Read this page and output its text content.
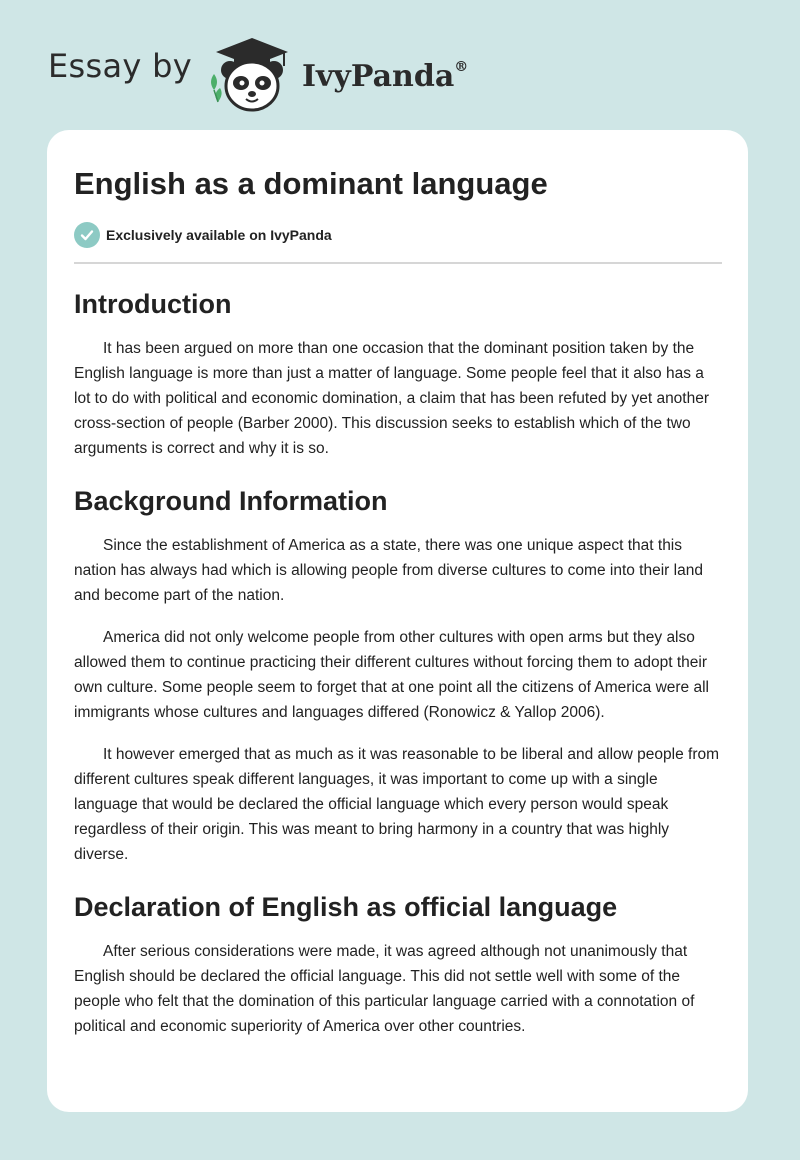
Essay by	IvyPanda®
English as a dominant language
Exclusively available on IvyPanda
Introduction

It has been argued on more than one occasion that the dominant position taken by the English language is more than just a matter of language. Some people feel that it also has a lot to do with political and economic domination, a claim that has been refuted by yet another cross-section of people (Barber 2000). This discussion seeks to establish which of the two arguments is correct and why it is so.

Background Information

Since the establishment of America as a state, there was one unique aspect that this nation has always had which is allowing people from diverse cultures to come into their land and become part of the nation.

America did not only welcome people from other cultures with open arms but they also allowed them to continue practicing their different cultures without forcing them to adopt their own culture. Some people seem to forget that at one point all the citizens of America were all immigrants whose cultures and languages differed (Ronowicz & Yallop 2006).

It however emerged that as much as it was reasonable to be liberal and allow people from different cultures speak different languages, it was important to come up with a single language that would be declared the official language which every person would speak regardless of their origin. This was meant to bring harmony in a country that was highly diverse.

Declaration of English as official language

After serious considerations were made, it was agreed although not unanimously that English should be declared the official language. This did not settle well with some of the people who felt that the domination of this particular language carried with a connotation of political and economic superiority of America over other countries.
